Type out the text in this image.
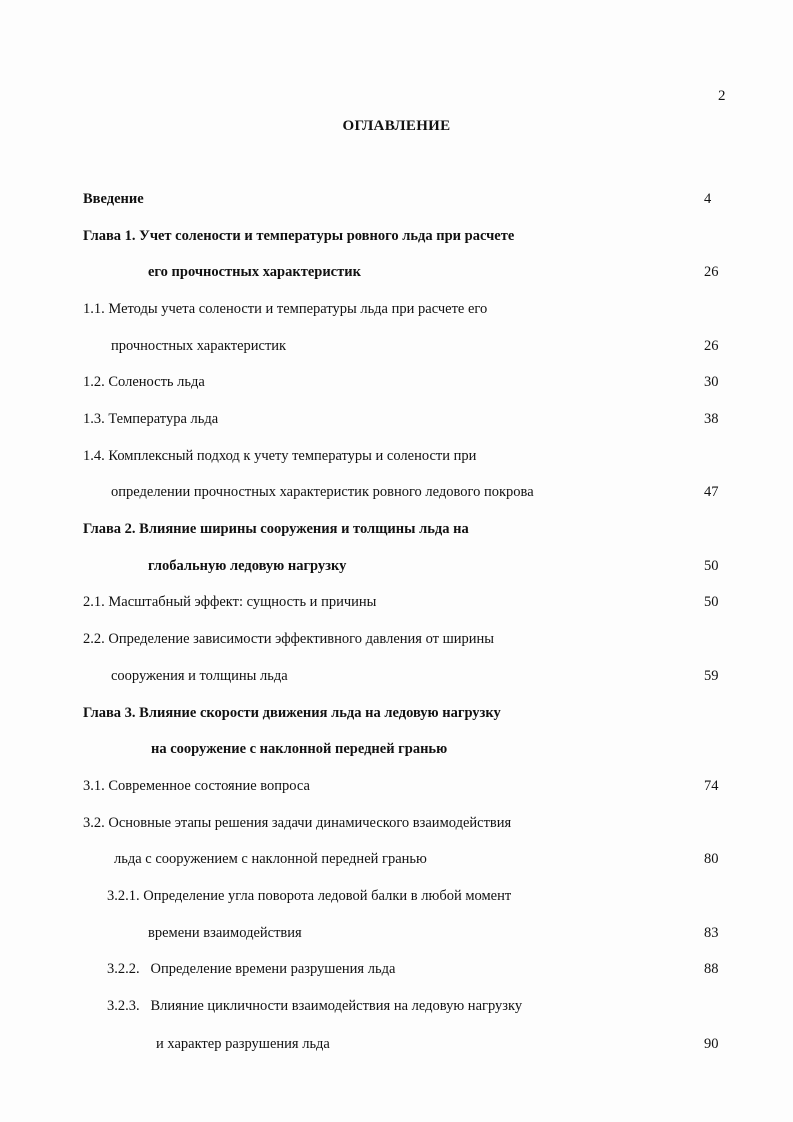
2
ОГЛАВЛЕНИЕ
Введение	4
Глава 1. Учет солености и температуры ровного льда при расчете
его прочностных характеристик	26
1.1. Методы учета солености и температуры льда при расчете его
прочностных характеристик	26
1.2. Соленость льда	30
1.3. Температура льда	38
1.4. Комплексный подход к учету температуры и солености при
определении прочностных характеристик ровного ледового покрова	47
Глава 2. Влияние ширины сооружения и толщины льда на
глобальную ледовую нагрузку	50
2.1. Масштабный эффект: сущность и причины	50
2.2. Определение зависимости эффективного давления от ширины
сооружения и толщины льда	59
Глава 3. Влияние скорости движения льда на ледовую нагрузку
на сооружение с наклонной передней гранью
3.1. Современное состояние вопроса	74
3.2. Основные этапы решения задачи динамического взаимодействия
льда с сооружением с наклонной передней гранью	80
3.2.1. Определение угла поворота ледовой балки в любой момент
времени взаимодействия	83
3.2.2.   Определение времени разрушения льда	88
3.2.3.   Влияние цикличности взаимодействия на ледовую нагрузку
и характер разрушения льда	90
